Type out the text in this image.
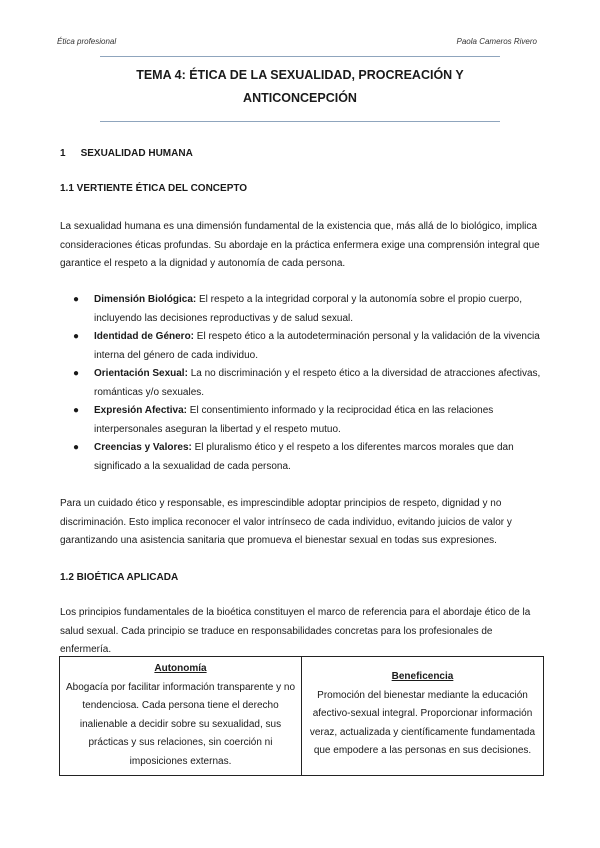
Ética profesional	Paola Cameros Rivero
TEMA 4: ÉTICA DE LA SEXUALIDAD, PROCREACIÓN Y
ANTICONCEPCIÓN
1 SEXUALIDAD HUMANA
1.1 VERTIENTE ÉTICA DEL CONCEPTO

La sexualidad humana es una dimensión fundamental de la existencia que, más allá de lo biológico, implica consideraciones éticas profundas. Su abordaje en la práctica enfermera exige una comprensión integral que garantice el respeto a la dignidad y autonomía de cada persona.

● Dimensión Biológica: El respeto a la integridad corporal y la autonomía sobre el propio cuerpo, incluyendo las decisiones reproductivas y de salud sexual.
● Identidad de Género: El respeto ético a la autodeterminación personal y la validación de la vivencia interna del género de cada individuo.
● Orientación Sexual: La no discriminación y el respeto ético a la diversidad de atracciones afectivas, románticas y/o sexuales.
● Expresión Afectiva: El consentimiento informado y la reciprocidad ética en las relaciones interpersonales aseguran la libertad y el respeto mutuo.
● Creencias y Valores: El pluralismo ético y el respeto a los diferentes marcos morales que dan significado a la sexualidad de cada persona.

Para un cuidado ético y responsable, es imprescindible adoptar principios de respeto, dignidad y no discriminación. Esto implica reconocer el valor intrínseco de cada individuo, evitando juicios de valor y garantizando una asistencia sanitaria que promueva el bienestar sexual en todas sus expresiones.

1.2 BIOÉTICA APLICADA

Los principios fundamentales de la bioética constituyen el marco de referencia para el abordaje ético de la salud sexual. Cada principio se traduce en responsabilidades concretas para los profesionales de enfermería.

Autonomía
Abogacía por facilitar información transparente y no tendenciosa. Cada persona tiene el derecho inalienable a decidir sobre su sexualidad, sus prácticas y sus relaciones, sin coerción ni imposiciones externas.	
Beneficencia
Promoción del bienestar mediante la educación afectivo-sexual integral. Proporcionar información veraz, actualizada y científicamente fundamentada que empodere a las personas en sus decisiones.
